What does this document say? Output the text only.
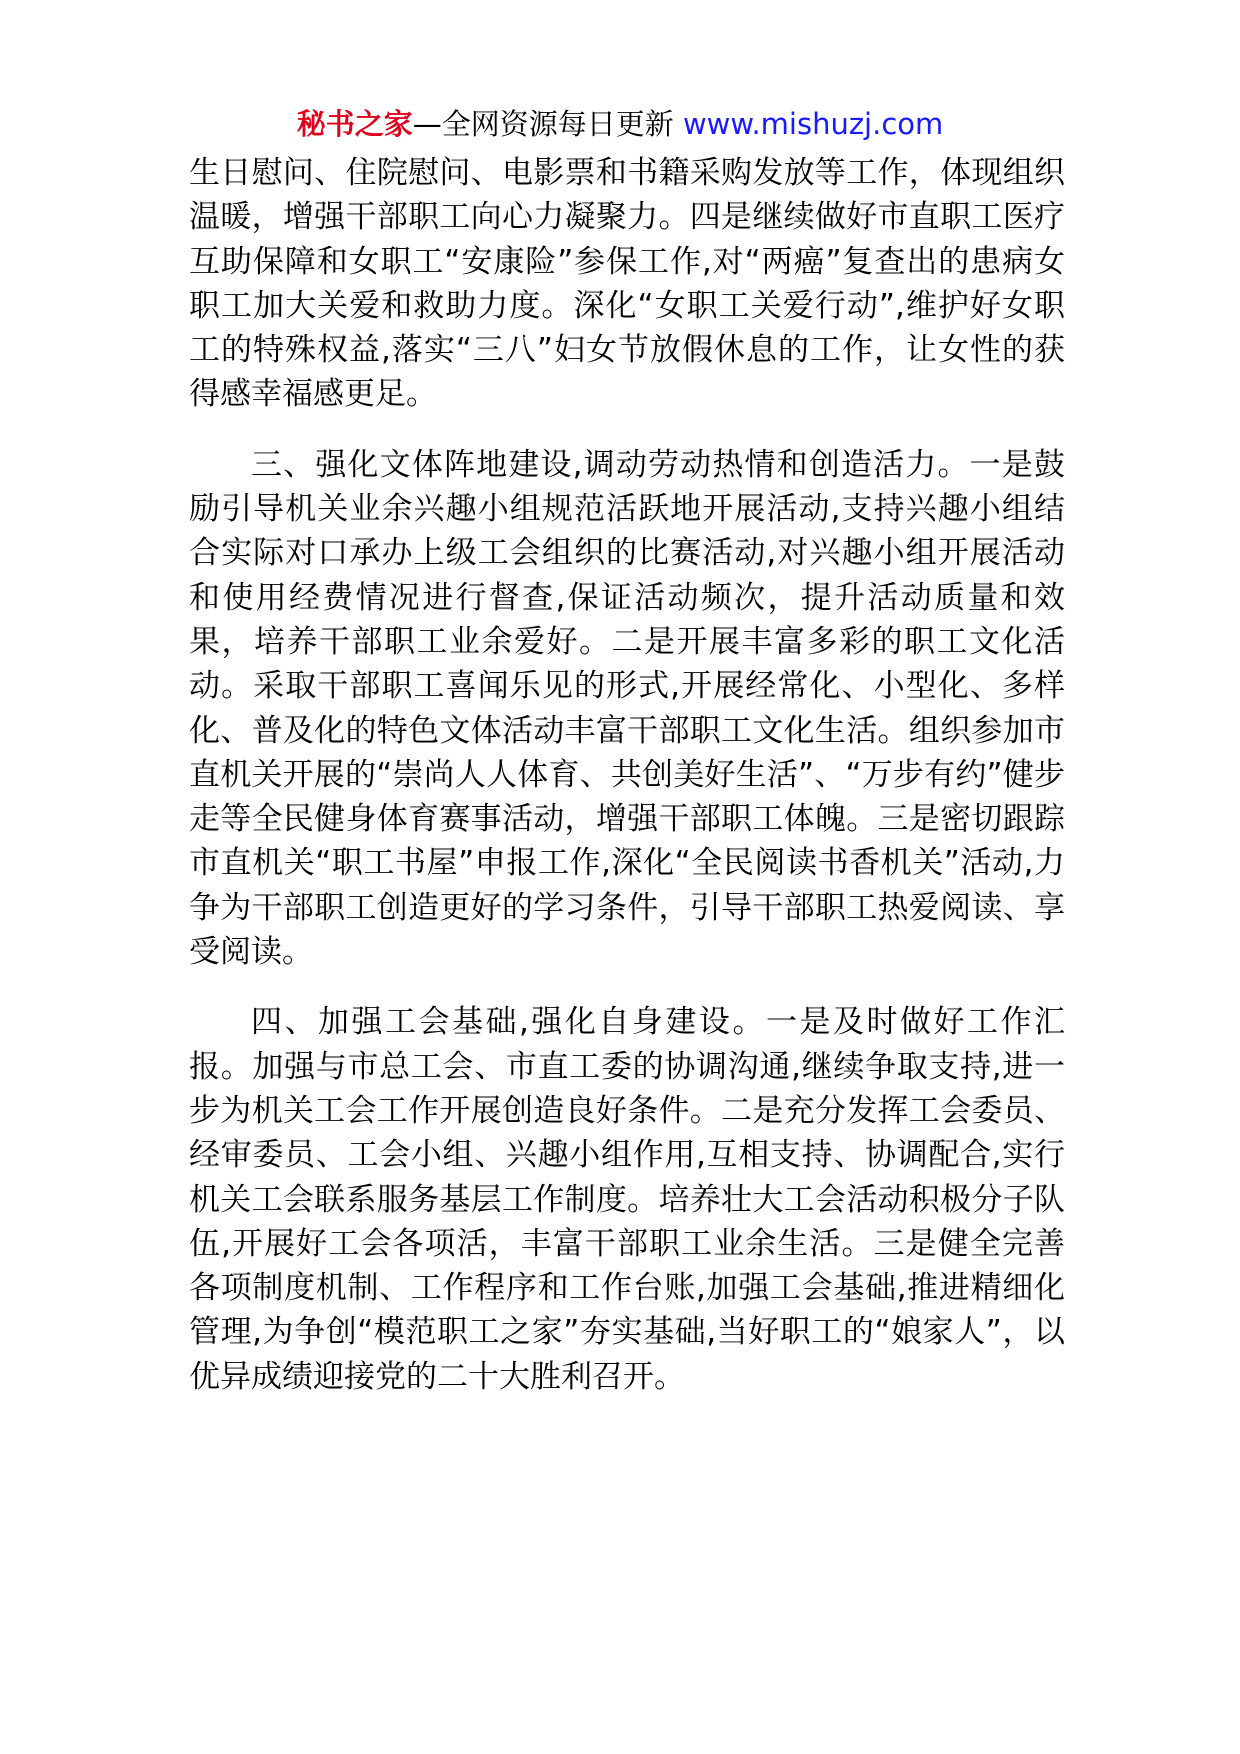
秘书之家—全网资源每日更新 www.mishuzj.com

生日慰问、住院慰问、电影票和书籍采购发放等工作，体现组织温暖，增强干部职工向心力凝聚力。四是继续做好市直职工医疗互助保障和女职工“安康险”参保工作,对“两癌”复查出的患病女职工加大关爱和救助力度。深化“女职工关爱行动”,维护好女职工的特殊权益,落实“三八”妇女节放假休息的工作，让女性的获得感幸福感更足。

三、强化文体阵地建设,调动劳动热情和创造活力。一是鼓励引导机关业余兴趣小组规范活跃地开展活动,支持兴趣小组结合实际对口承办上级工会组织的比赛活动,对兴趣小组开展活动和使用经费情况进行督查,保证活动频次，提升活动质量和效果，培养干部职工业余爱好。二是开展丰富多彩的职工文化活动。采取干部职工喜闻乐见的形式,开展经常化、小型化、多样化、普及化的特色文体活动丰富干部职工文化生活。组织参加市直机关开展的“崇尚人人体育、共创美好生活”、“万步有约”健步走等全民健身体育赛事活动，增强干部职工体魄。三是密切跟踪市直机关“职工书屋”申报工作,深化“全民阅读书香机关”活动,力争为干部职工创造更好的学习条件，引导干部职工热爱阅读、享受阅读。

四、加强工会基础,强化自身建设。一是及时做好工作汇报。加强与市总工会、市直工委的协调沟通,继续争取支持,进一步为机关工会工作开展创造良好条件。二是充分发挥工会委员、经审委员、工会小组、兴趣小组作用,互相支持、协调配合,实行机关工会联系服务基层工作制度。培养壮大工会活动积极分子队伍,开展好工会各项活，丰富干部职工业余生活。三是健全完善各项制度机制、工作程序和工作台账,加强工会基础,推进精细化管理,为争创“模范职工之家”夯实基础,当好职工的“娘家人”，以优异成绩迎接党的二十大胜利召开。
